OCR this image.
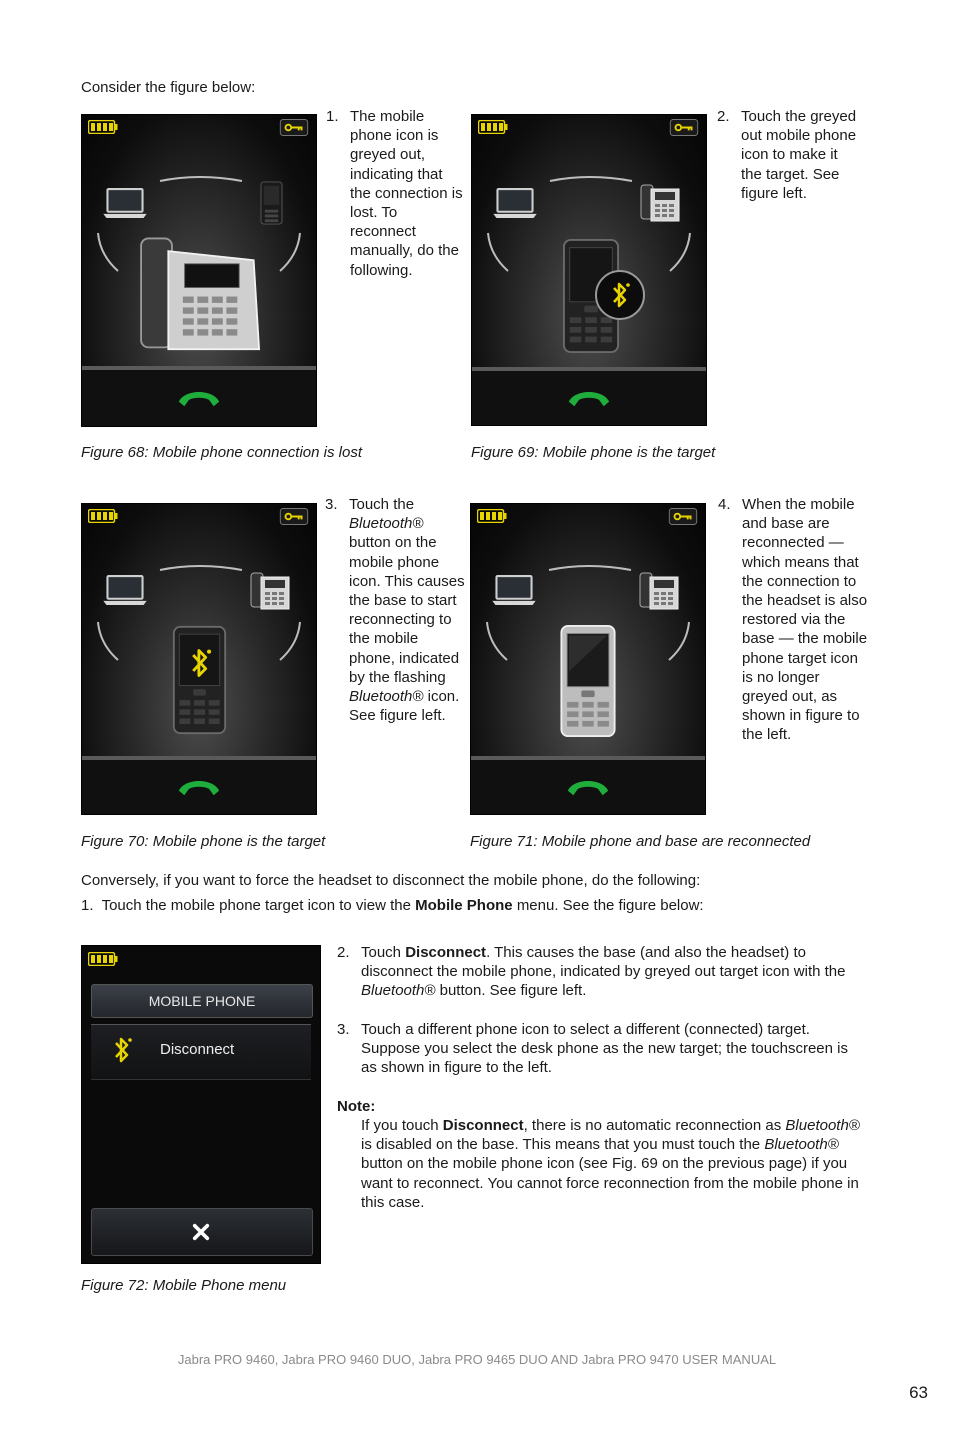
Consider the figure below:
1. The mobile phone icon is greyed out, indicating that the connection is lost. To reconnect manually, do the following.
2. Touch the greyed out mobile phone icon to make it the target. See figure left.
Figure 68: Mobile phone connection is lost	Figure 69: Mobile phone is the target
3. Touch the
Bluetooth® button on the mobile phone icon. This causes the base to start reconnecting to the mobile phone, indicated by the flashing Bluetooth® icon. See figure left.
4. When the mobile and base are reconnected — which means that the connection to the headset is also restored via the base — the mobile phone target icon is no longer greyed out, as shown in figure to the left.
Figure 70: Mobile phone is the target	Figure 71: Mobile phone and base are reconnected
Conversely, if you want to force the headset to disconnect the mobile phone, do the following:
1. Touch the mobile phone target icon to view the Mobile Phone menu. See the figure below:
MOBILE PHONE
Disconnect
Figure 72: Mobile Phone menu
2. Touch Disconnect. This causes the base (and also the headset) to disconnect the mobile phone, indicated by greyed out target icon with the Bluetooth® button. See figure left.
3. Touch a different phone icon to select a different (connected) target. Suppose you select the desk phone as the new target; the touchscreen is as shown in figure to the left.
Note:
If you touch Disconnect, there is no automatic reconnection as Bluetooth® is disabled on the base. This means that you must touch the Bluetooth® button on the mobile phone icon (see Fig. 69 on the previous page) if you want to reconnect. You cannot force reconnection from the mobile phone in this case.
Jabra PRO 9460, Jabra PRO 9460 DUO, Jabra PRO 9465 DUO AND Jabra PRO 9470 USER MANUAL
63
